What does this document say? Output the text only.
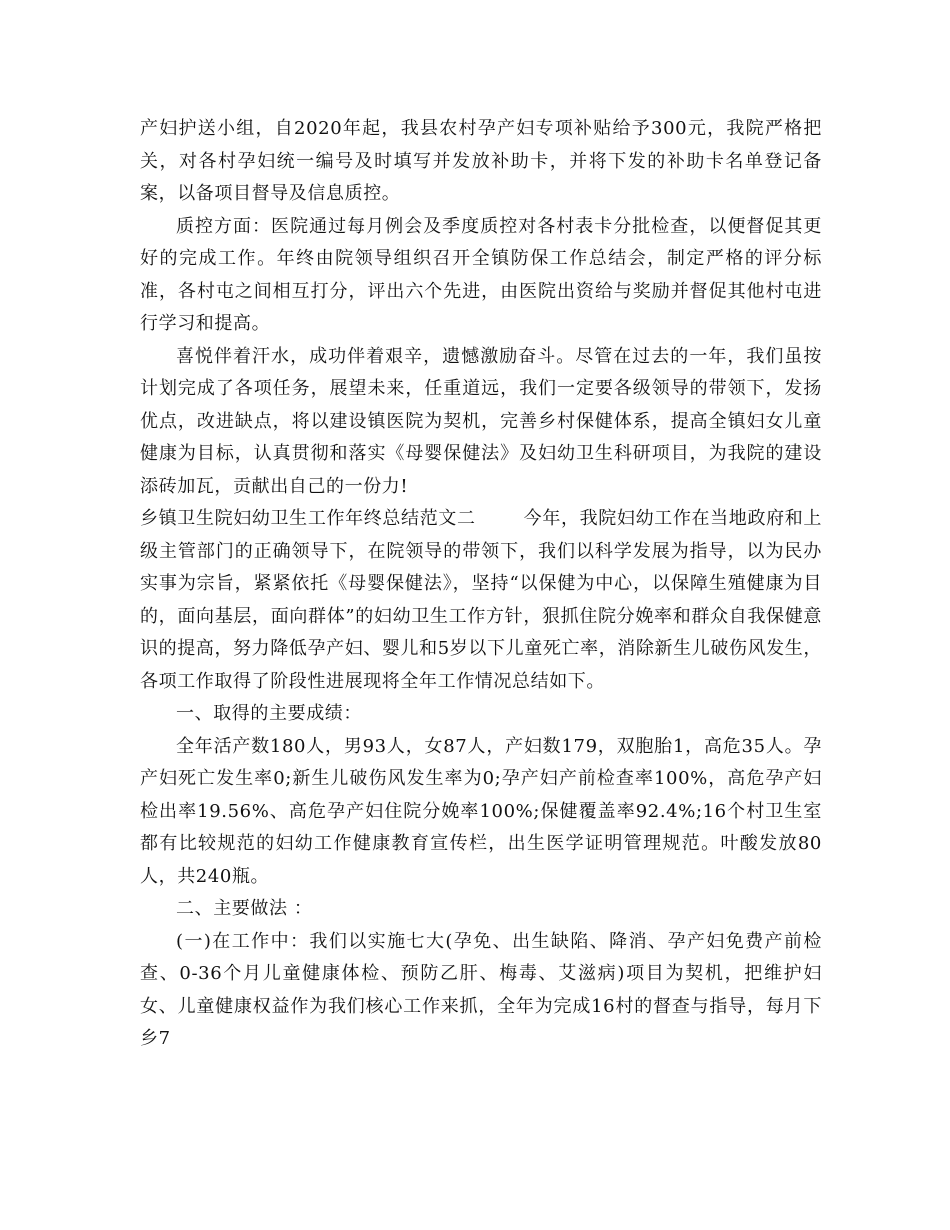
产妇护送小组，自2020年起，我县农村孕产妇专项补贴给予300元，我院严格把关，对各村孕妇统一编号及时填写并发放补助卡，并将下发的补助卡名单登记备案，以备项目督导及信息质控。

质控方面：医院通过每月例会及季度质控对各村表卡分批检查，以便督促其更好的完成工作。年终由院领导组织召开全镇防保工作总结会，制定严格的评分标准，各村屯之间相互打分，评出六个先进，由医院出资给与奖励并督促其他村屯进行学习和提高。

喜悦伴着汗水，成功伴着艰辛，遗憾激励奋斗。尽管在过去的一年，我们虽按计划完成了各项任务，展望未来，任重道远，我们一定要各级领导的带领下，发扬优点，改进缺点，将以建设镇医院为契机，完善乡村保健体系，提高全镇妇女儿童健康为目标，认真贯彻和落实《母婴保健法》及妇幼卫生科研项目，为我院的建设添砖加瓦，贡献出自己的一份力!

乡镇卫生院妇幼卫生工作年终总结范文二	今年，我院妇幼工作在当地政府和上级主管部门的正确领导下，在院领导的带领下，我们以科学发展为指导，以为民办实事为宗旨，紧紧依托《母婴保健法》，坚持“以保健为中心，以保障生殖健康为目的，面向基层，面向群体”的妇幼卫生工作方针，狠抓住院分娩率和群众自我保健意识的提高，努力降低孕产妇、婴儿和5岁以下儿童死亡率，消除新生儿破伤风发生，各项工作取得了阶段性进展现将全年工作情况总结如下。

一、取得的主要成绩：

全年活产数180人，男93人，女87人，产妇数179，双胞胎1，高危35人。孕产妇死亡发生率0;新生儿破伤风发生率为0;孕产妇产前检查率100%，高危孕产妇检出率19.56%、高危孕产妇住院分娩率100%;保健覆盖率92.4%;16个村卫生室都有比较规范的妇幼工作健康教育宣传栏，出生医学证明管理规范。叶酸发放80人，共240瓶。

二、主要做法 ：

(一)在工作中：我们以实施七大(孕免、出生缺陷、降消、孕产妇免费产前检查、0-36个月儿童健康体检、预防乙肝、梅毒、艾滋病)项目为契机，把维护妇女、儿童健康权益作为我们核心工作来抓，全年为完成16村的督查与指导，每月下乡7
